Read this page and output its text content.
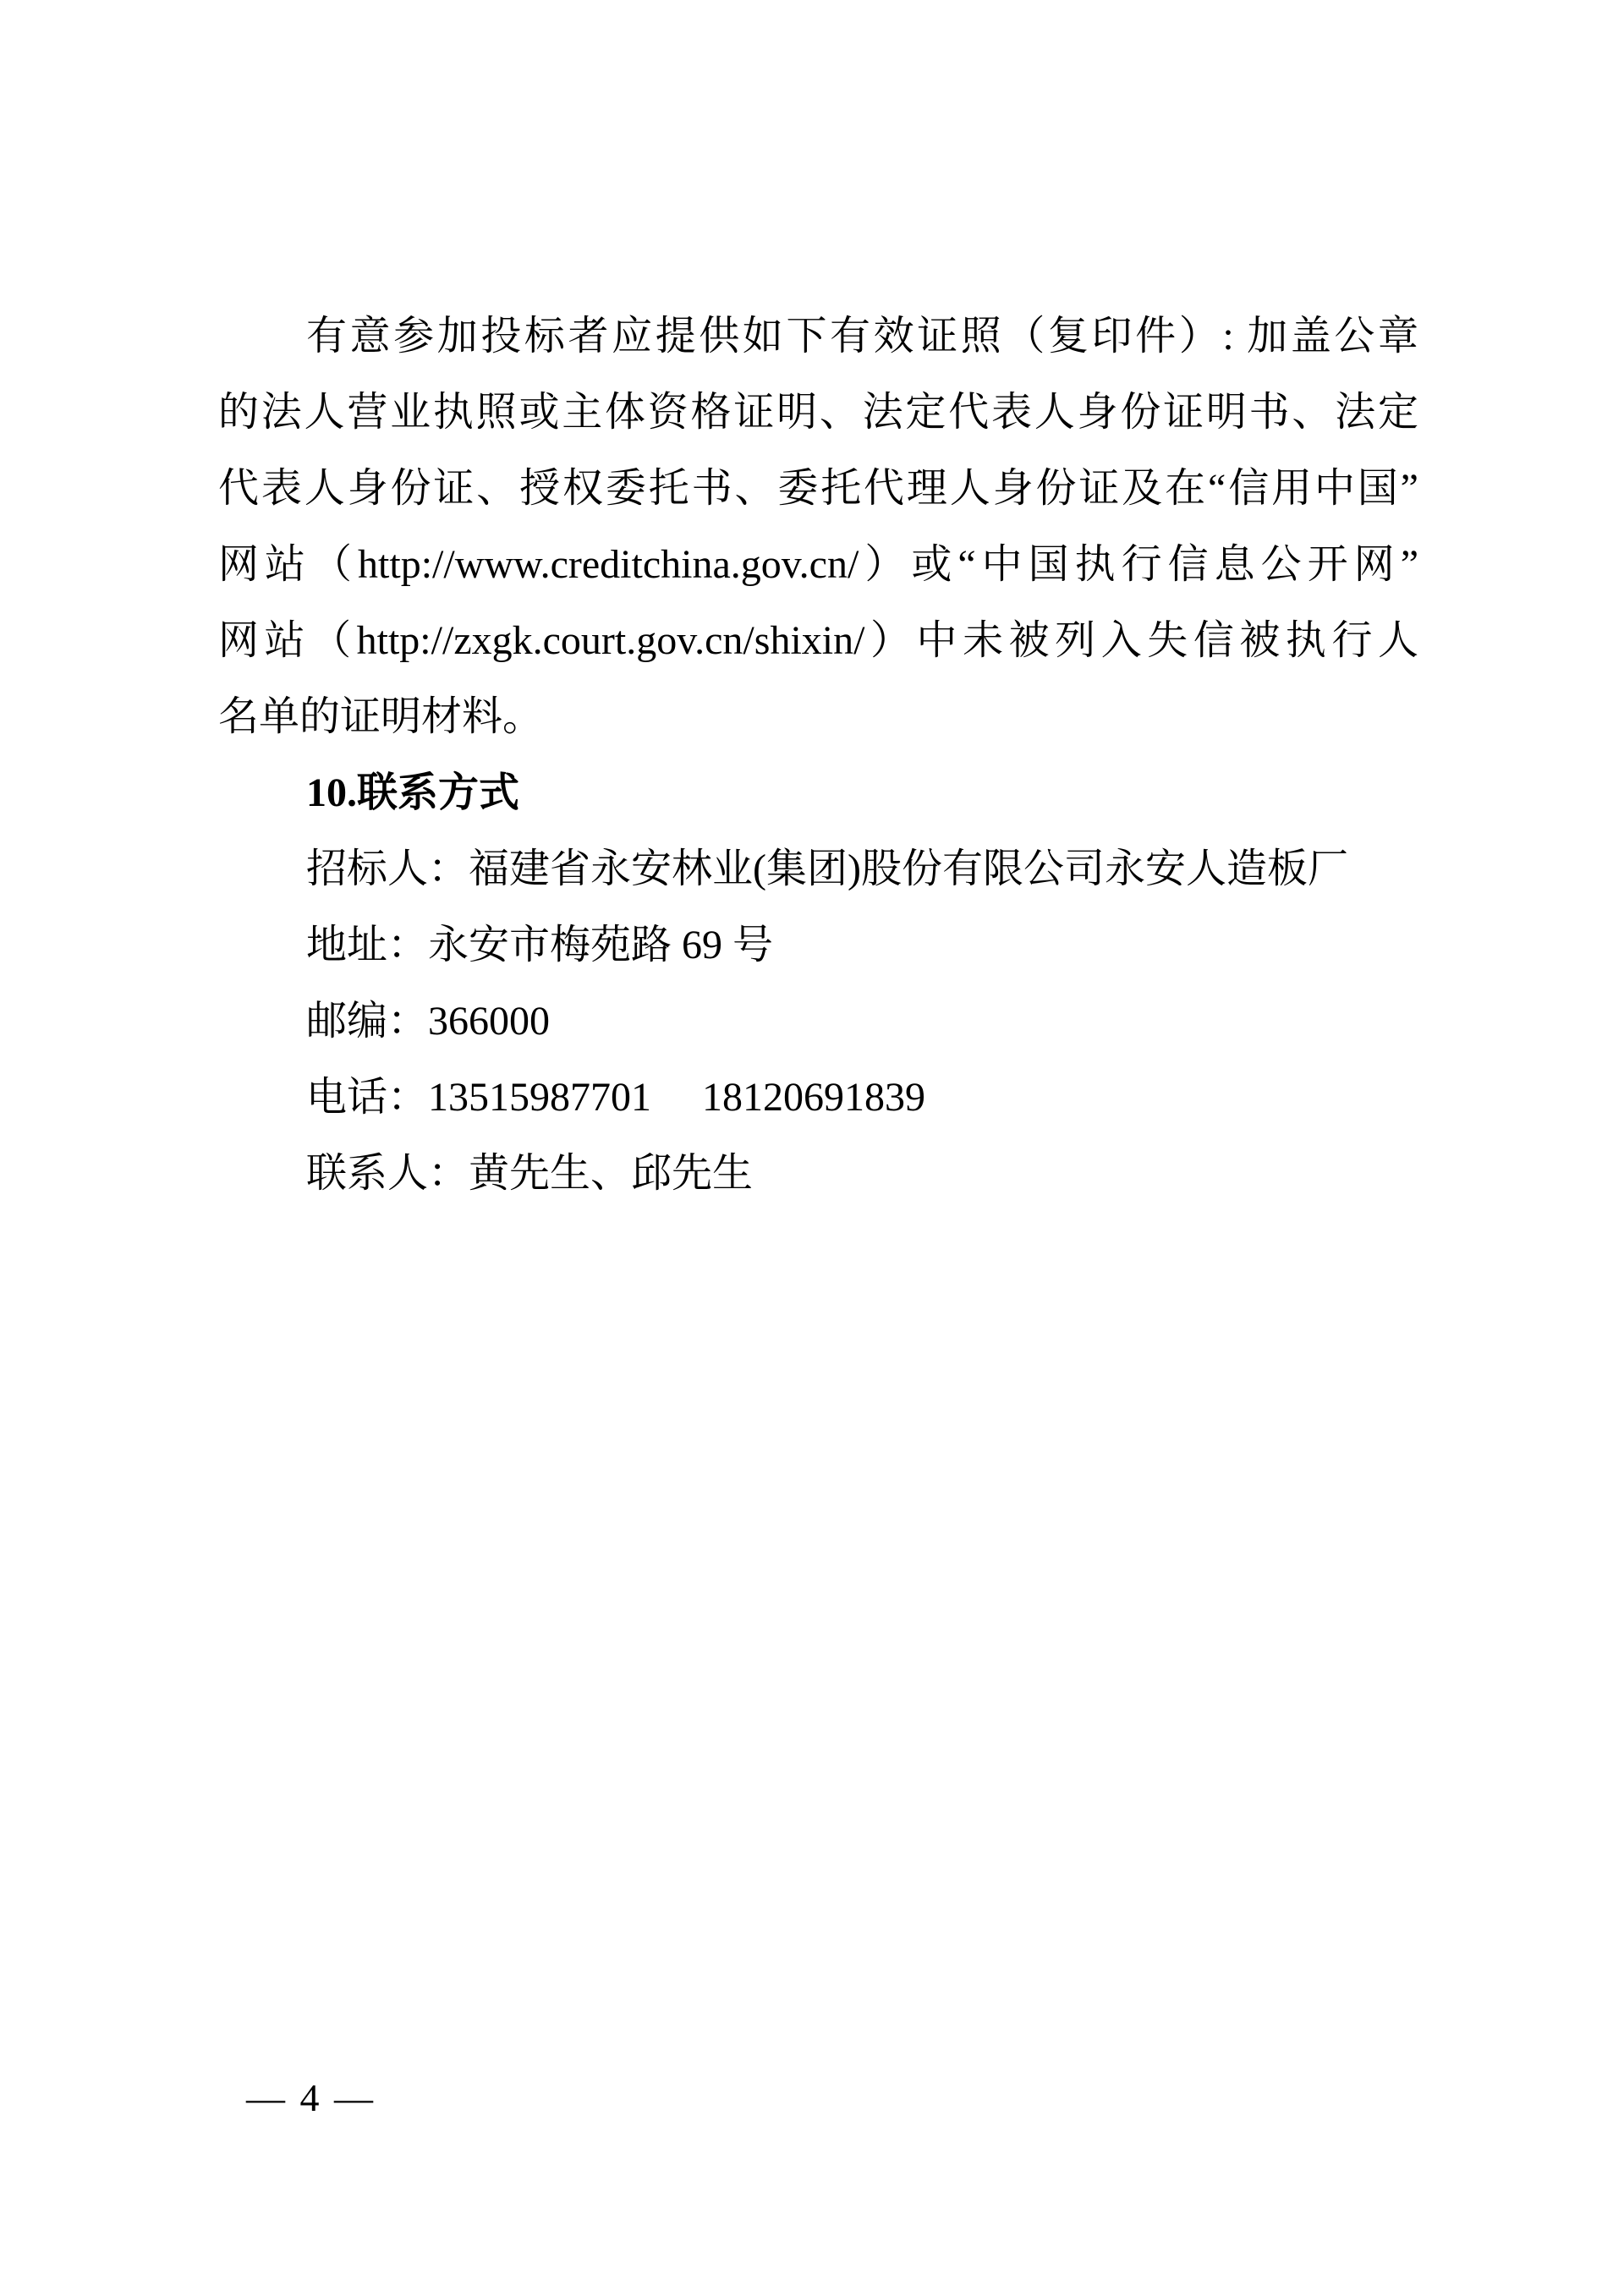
有意参加投标者应提供如下有效证照（复印件）: 加盖公章

的法人营业执照或主体资格证明、法定代表人身份证明书、法定

代表人身份证、授权委托书、委托代理人身份证及在“信用中国”

网站（http://www.creditchina.gov.cn/）或“中国执行信息公开网”

网站（http://zxgk.court.gov.cn/shixin/）中未被列入失信被执行人

名单的证明材料。

10.联系方式

招标人：福建省永安林业(集团)股份有限公司永安人造板厂

地址：永安市梅苑路 69 号

邮编：366000

电话：13515987701　 18120691839

联系人：黄先生、邱先生

— 4 —
